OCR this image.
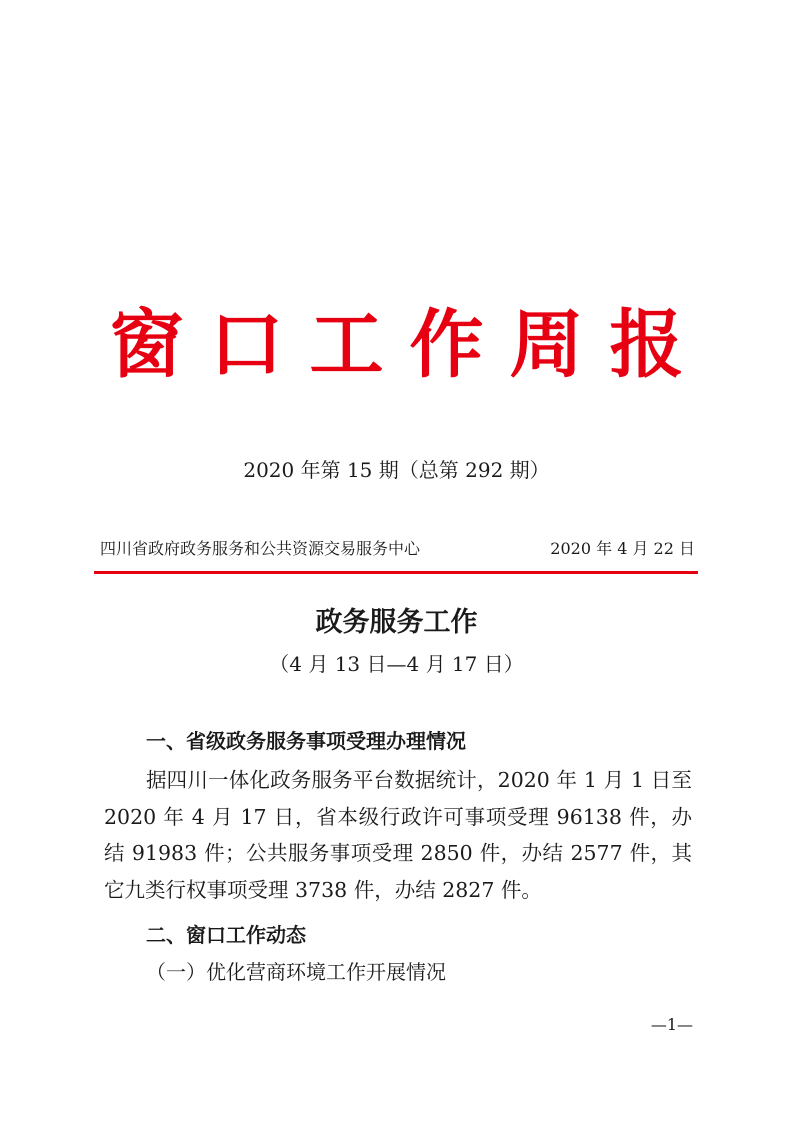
窗口工作周报
2020 年第 15 期（总第 292 期）
四川省政府政务服务和公共资源交易服务中心	2020 年 4 月 22 日
政务服务工作
（4 月 13 日—4 月 17 日）
一、省级政务服务事项受理办理情况
据四川一体化政务服务平台数据统计，2020 年 1 月 1 日至 2020 年 4 月 17 日，省本级行政许可事项受理 96138 件，办结 91983 件；公共服务事项受理 2850 件，办结 2577 件，其它九类行权事项受理 3738 件，办结 2827 件。
二、窗口工作动态
（一）优化营商环境工作开展情况
—1—
